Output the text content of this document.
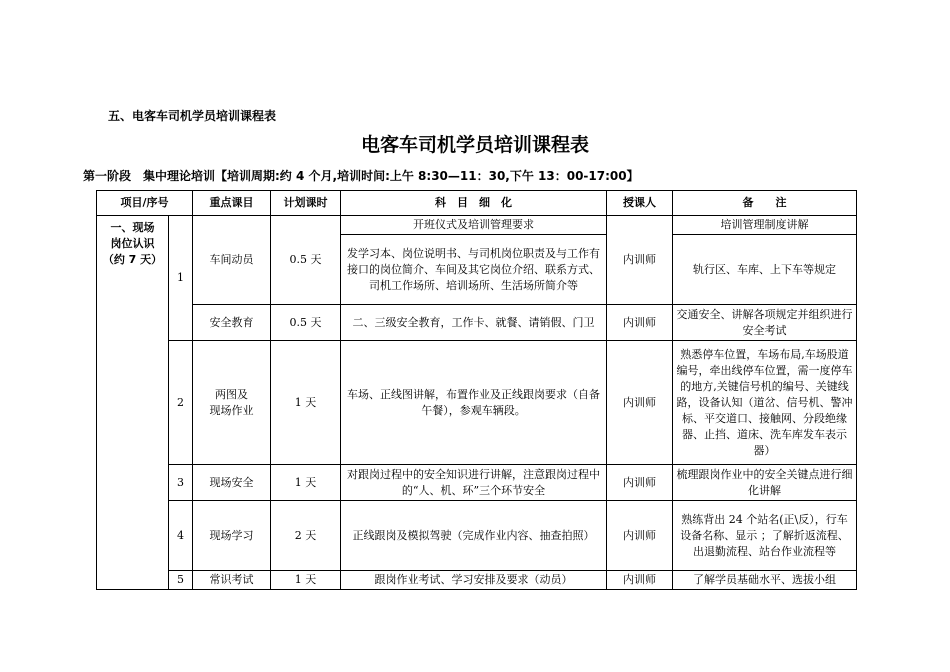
五、电客车司机学员培训课程表
电客车司机学员培训课程表
第一阶段　集中理论培训【培训周期:约 4 个月,培训时间:上午 8:30—11：30,下午 13：00-17:00】
项目/序号		重点课目	计划课时	科　目　细　化	授课人	备　　注

一、现场
岗位认识
（约 7 天）	1	车间动员	0.5 天	开班仪式及培训管理要求	内训师	培训管理制度讲解
				发学习本、岗位说明书、与司机岗位职责及与工作有接口的岗位简介、车间及其它岗位介绍、联系方式、司机工作场所、培训场所、生活场所简介等		轨行区、车库、上下车等规定
		安全教育	0.5 天	二、三级安全教育，工作卡、就餐、请销假、门卫	内训师	交通安全、讲解各项规定并组织进行安全考试
	2	两图及
现场作业	1 天	车场、正线图讲解，布置作业及正线跟岗要求（自备午餐），参观车辆段。	内训师	熟悉停车位置，车场布局,车场股道编号，牵出线停车位置，需一度停车的地方,关键信号机的编号、关键线路，设备认知（道岔、信号机、警冲标、平交道口、接触网、分段绝缘器、止挡、道床、洗车库发车表示器）
	3	现场安全	1 天	对跟岗过程中的安全知识进行讲解，注意跟岗过程中的“人、机、环”三个环节安全	内训师	梳理跟岗作业中的安全关键点进行细化讲解
	4	现场学习	2 天	正线跟岗及模拟驾驶（完成作业内容、抽查拍照）	内训师	熟练背出 24 个站名(正\反），行车设备名称、显示 ；了解折返流程、出退勤流程、站台作业流程等
	5	常识考试	1 天	跟岗作业考试、学习安排及要求（动员）	内训师	了解学员基础水平、选拔小组
